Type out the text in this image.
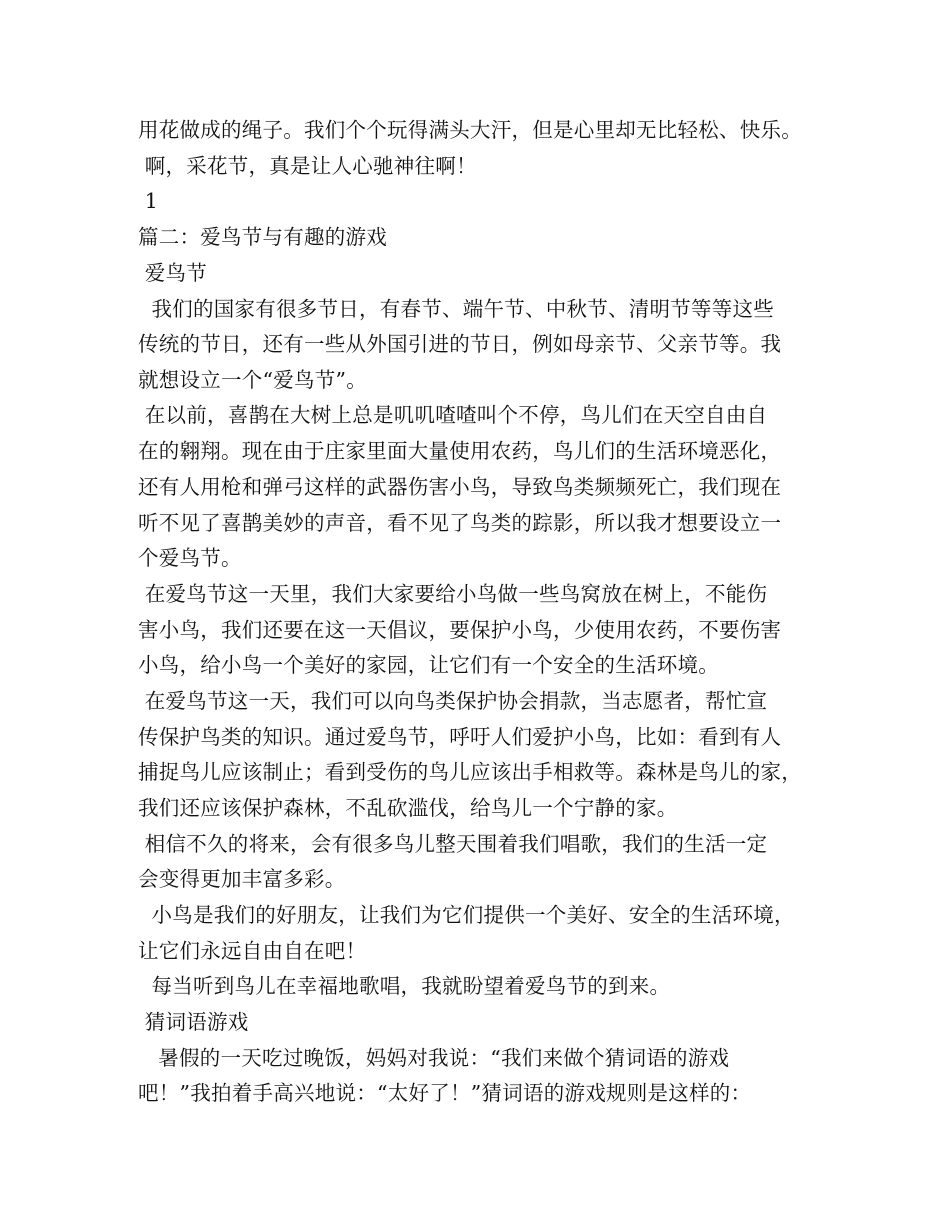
用花做成的绳子。我们个个玩得满头大汗，但是心里却无比轻松、快乐。
啊，采花节，真是让人心驰神往啊！
1
篇二：爱鸟节与有趣的游戏
爱鸟节
我们的国家有很多节日，有春节、端午节、中秋节、清明节等等这些
传统的节日，还有一些从外国引进的节日，例如母亲节、父亲节等。我
就想设立一个“爱鸟节”。
在以前，喜鹊在大树上总是叽叽喳喳叫个不停，鸟儿们在天空自由自
在的翱翔。现在由于庄家里面大量使用农药，鸟儿们的生活环境恶化，
还有人用枪和弹弓这样的武器伤害小鸟，导致鸟类频频死亡，我们现在
听不见了喜鹊美妙的声音，看不见了鸟类的踪影，所以我才想要设立一
个爱鸟节。
在爱鸟节这一天里，我们大家要给小鸟做一些鸟窝放在树上，不能伤
害小鸟，我们还要在这一天倡议，要保护小鸟，少使用农药，不要伤害
小鸟，给小鸟一个美好的家园，让它们有一个安全的生活环境。
在爱鸟节这一天，我们可以向鸟类保护协会捐款，当志愿者，帮忙宣
传保护鸟类的知识。通过爱鸟节，呼吁人们爱护小鸟，比如：看到有人
捕捉鸟儿应该制止；看到受伤的鸟儿应该出手相救等。森林是鸟儿的家，
我们还应该保护森林，不乱砍滥伐，给鸟儿一个宁静的家。
相信不久的将来，会有很多鸟儿整天围着我们唱歌，我们的生活一定
会变得更加丰富多彩。
小鸟是我们的好朋友，让我们为它们提供一个美好、安全的生活环境，
让它们永远自由自在吧！
每当听到鸟儿在幸福地歌唱，我就盼望着爱鸟节的到来。
猜词语游戏
暑假的一天吃过晚饭，妈妈对我说：“我们来做个猜词语的游戏
吧！”我拍着手高兴地说：“太好了！”猜词语的游戏规则是这样的：
